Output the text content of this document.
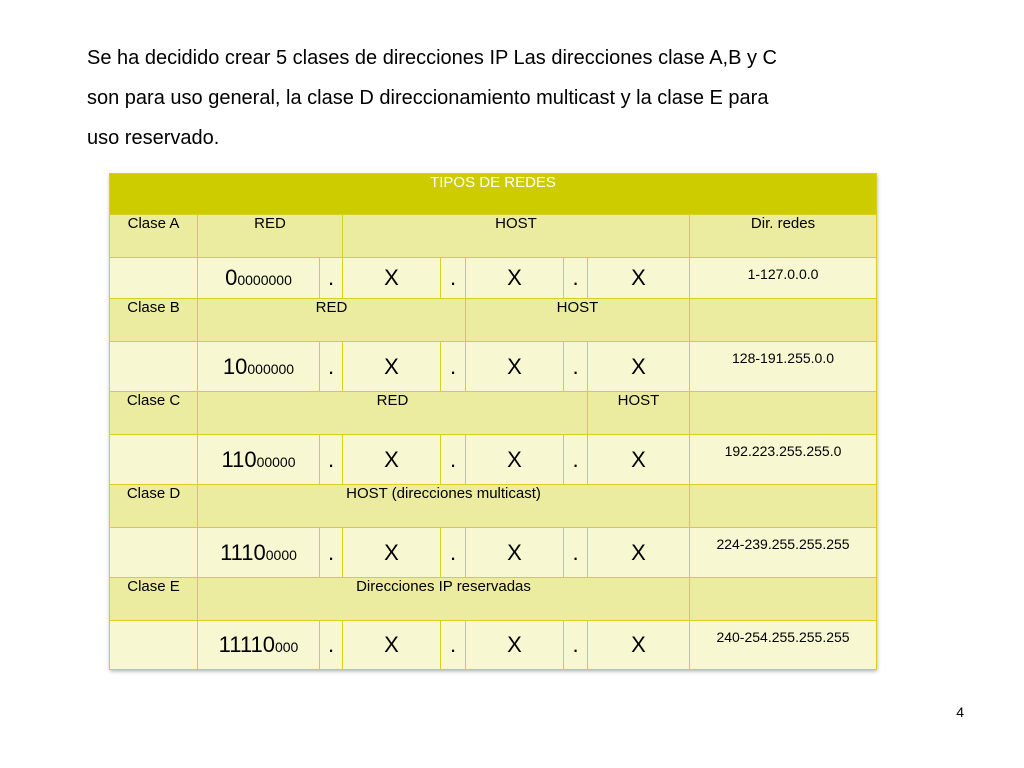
Se ha decidido crear 5 clases de direcciones IP Las direcciones clase A,B y C
son para uso general, la clase D direccionamiento multicast y la clase E para
uso reservado.
TIPOS DE REDES								
Clase A	RED		HOST					Dir. redes
	00000000	.	X	.	X	.	X	1-127.0.0.0
Clase B	RED				HOST			
	10000000	.	X	.	X	.	X	128-191.255.0.0
Clase C	RED						HOST	
	11000000	.	X	.	X	.	X	192.223.255.255.0
Clase D	HOST (direcciones multicast)							
	11100000	.	X	.	X	.	X	224-239.255.255.255
Clase E	Direcciones IP reservadas							
	11110000	.	X	.	X	.	X	240-254.255.255.255
4
